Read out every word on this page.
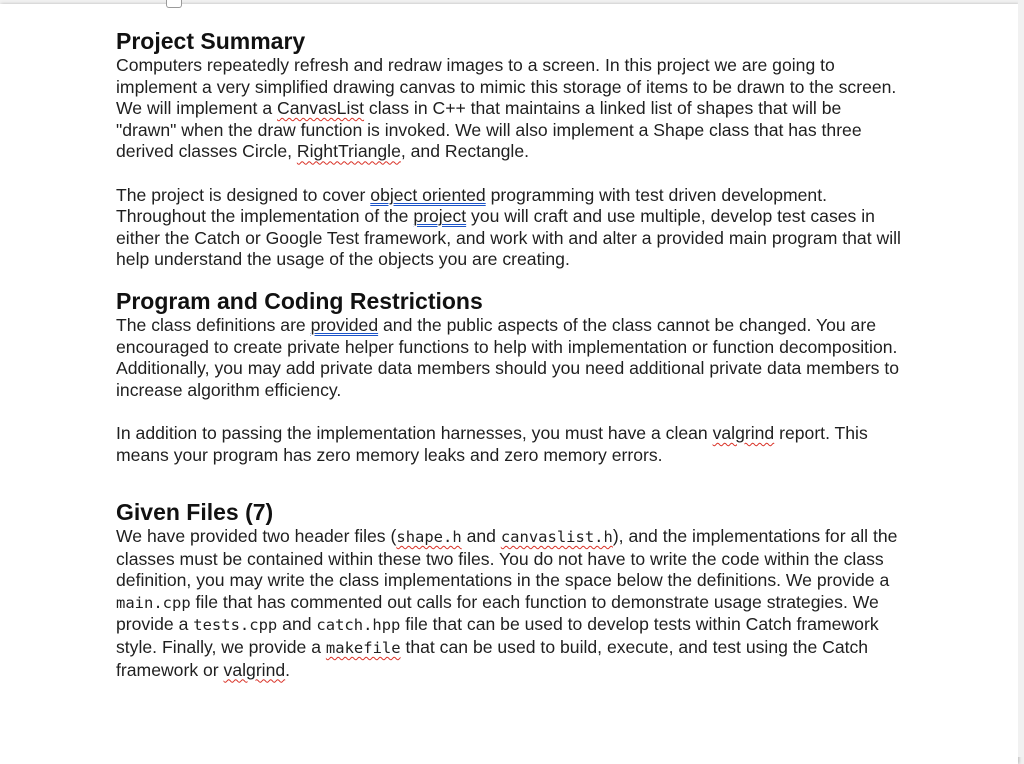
Project Summary

Computers repeatedly refresh and redraw images to a screen. In this project we are going to implement a very simplified drawing canvas to mimic this storage of items to be drawn to the screen. We will implement a CanvasList class in C++ that maintains a linked list of shapes that will be "drawn" when the draw function is invoked. We will also implement a Shape class that has three derived classes Circle, RightTriangle, and Rectangle.

The project is designed to cover object oriented programming with test driven development. Throughout the implementation of the project you will craft and use multiple, develop test cases in either the Catch or Google Test framework, and work with and alter a provided main program that will help understand the usage of the objects you are creating.

Program and Coding Restrictions

The class definitions are provided and the public aspects of the class cannot be changed. You are encouraged to create private helper functions to help with implementation or function decomposition. Additionally, you may add private data members should you need additional private data members to increase algorithm efficiency.

In addition to passing the implementation harnesses, you must have a clean valgrind report. This means your program has zero memory leaks and zero memory errors.

Given Files (7)

We have provided two header files (shape.h and canvaslist.h), and the implementations for all the classes must be contained within these two files. You do not have to write the code within the class definition, you may write the class implementations in the space below the definitions. We provide a main.cpp file that has commented out calls for each function to demonstrate usage strategies. We provide a tests.cpp and catch.hpp file that can be used to develop tests within Catch framework style. Finally, we provide a makefile that can be used to build, execute, and test using the Catch framework or valgrind.
